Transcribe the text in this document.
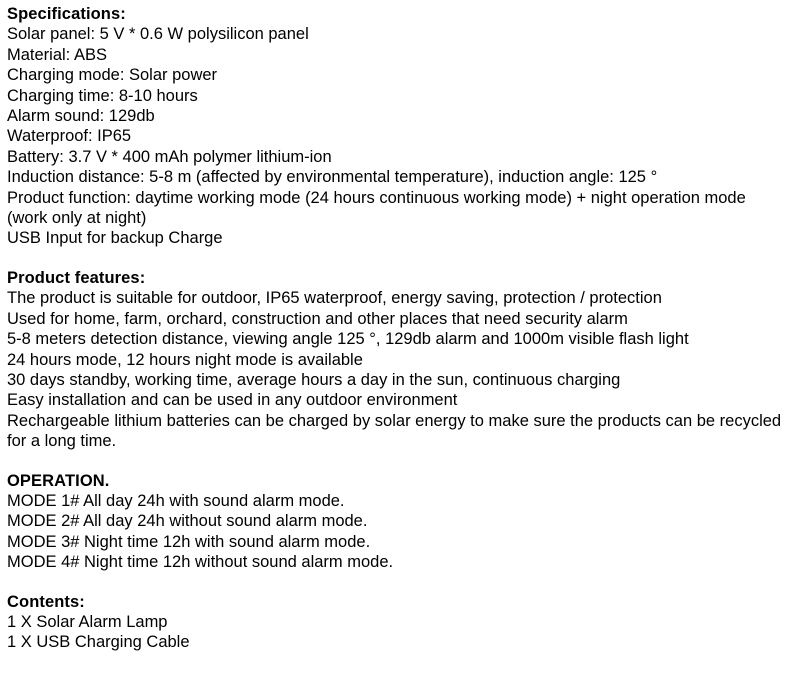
Specifications:
Solar panel: 5 V * 0.6 W polysilicon panel
Material: ABS
Charging mode: Solar power
Charging time: 8-10 hours
Alarm sound: 129db
Waterproof: IP65
Battery: 3.7 V * 400 mAh polymer lithium-ion
Induction distance: 5-8 m (affected by environmental temperature), induction angle: 125 °
Product function: daytime working mode (24 hours continuous working mode) + night operation mode (work only at night)
USB Input for backup Charge
Product features:
The product is suitable for outdoor, IP65 waterproof, energy saving, protection / protection
Used for home, farm, orchard, construction and other places that need security alarm
5-8 meters detection distance, viewing angle 125 °, 129db alarm and 1000m visible flash light
24 hours mode, 12 hours night mode is available
30 days standby, working time, average hours a day in the sun, continuous charging
Easy installation and can be used in any outdoor environment
Rechargeable lithium batteries can be charged by solar energy to make sure the products can be recycled for a long time.
OPERATION.
MODE 1# All day 24h with sound alarm mode.
MODE 2# All day 24h without sound alarm mode.
MODE 3# Night time 12h with sound alarm mode.
MODE 4# Night time 12h without sound alarm mode.
Contents:
1 X Solar Alarm Lamp
1 X USB Charging Cable
